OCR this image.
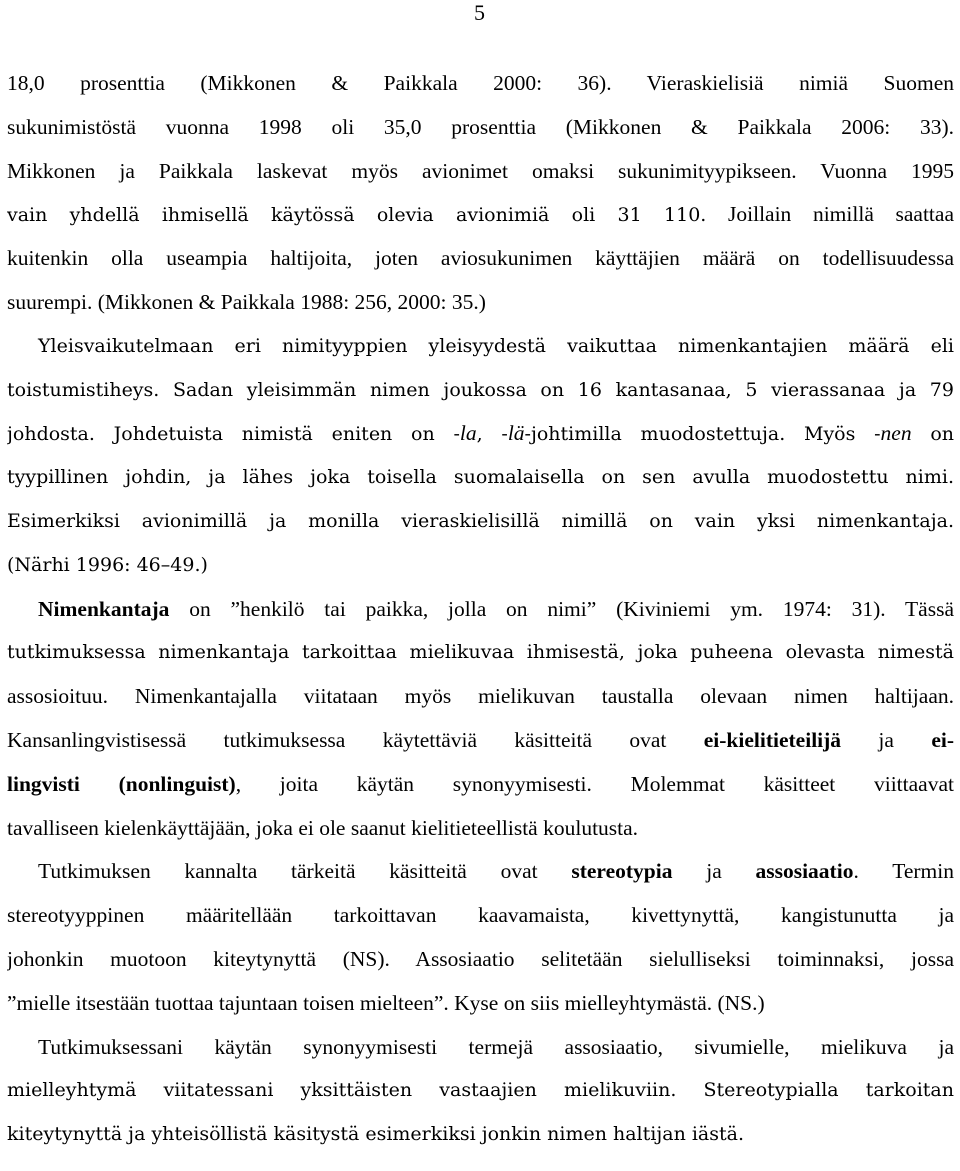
5
18,0 prosenttia (Mikkonen & Paikkala 2000: 36). Vieraskielisiä nimiä Suomen
sukunimistöstä vuonna 1998 oli 35,0 prosenttia (Mikkonen & Paikkala 2006: 33).
Mikkonen ja Paikkala laskevat myös avionimet omaksi sukunimityypikseen. Vuonna 1995
vain yhdellä ihmisellä käytössä olevia avionimiä oli 31 110. Joillain nimillä saattaa
kuitenkin olla useampia haltijoita, joten aviosukunimen käyttäjien määrä on todellisuudessa
suurempi. (Mikkonen & Paikkala 1988: 256, 2000: 35.)
Yleisvaikutelmaan eri nimityyppien yleisyydestä vaikuttaa nimenkantajien määrä eli
toistumistiheys. Sadan yleisimmän nimen joukossa on 16 kantasanaa, 5 vierassanaa ja 79
johdosta. Johdetuista nimistä eniten on -la, -lä-johtimilla muodostettuja. Myös -nen on
tyypillinen johdin, ja lähes joka toisella suomalaisella on sen avulla muodostettu nimi.
Esimerkiksi avionimillä ja monilla vieraskielisillä nimillä on vain yksi nimenkantaja.
(Närhi 1996: 46–49.)
Nimenkantaja on ”henkilö tai paikka, jolla on nimi” (Kiviniemi ym. 1974: 31). Tässä
tutkimuksessa nimenkantaja tarkoittaa mielikuvaa ihmisestä, joka puheena olevasta nimestä
assosioituu. Nimenkantajalla viitataan myös mielikuvan taustalla olevaan nimen haltijaan.
Kansanlingvistisessä tutkimuksessa käytettäviä käsitteitä ovat ei-kielitieteilijä ja ei-
lingvisti (nonlinguist), joita käytän synonyymisesti. Molemmat käsitteet viittaavat
tavalliseen kielenkäyttäjään, joka ei ole saanut kielitieteellistä koulutusta.
Tutkimuksen kannalta tärkeitä käsitteitä ovat stereotypia ja assosiaatio. Termin
stereotyyppinen määritellään tarkoittavan kaavamaista, kivettynyttä, kangistunutta ja
johonkin muotoon kiteytynyttä (NS). Assosiaatio selitetään sielulliseksi toiminnaksi, jossa
”mielle itsestään tuottaa tajuntaan toisen mielteen”. Kyse on siis mielleyhtymästä. (NS.)
Tutkimuksessani käytän synonyymisesti termejä assosiaatio, sivumielle, mielikuva ja
mielleyhtymä viitatessani yksittäisten vastaajien mielikuviin. Stereotypialla tarkoitan
kiteytynyttä ja yhteisöllistä käsitystä esimerkiksi jonkin nimen haltijan iästä.
